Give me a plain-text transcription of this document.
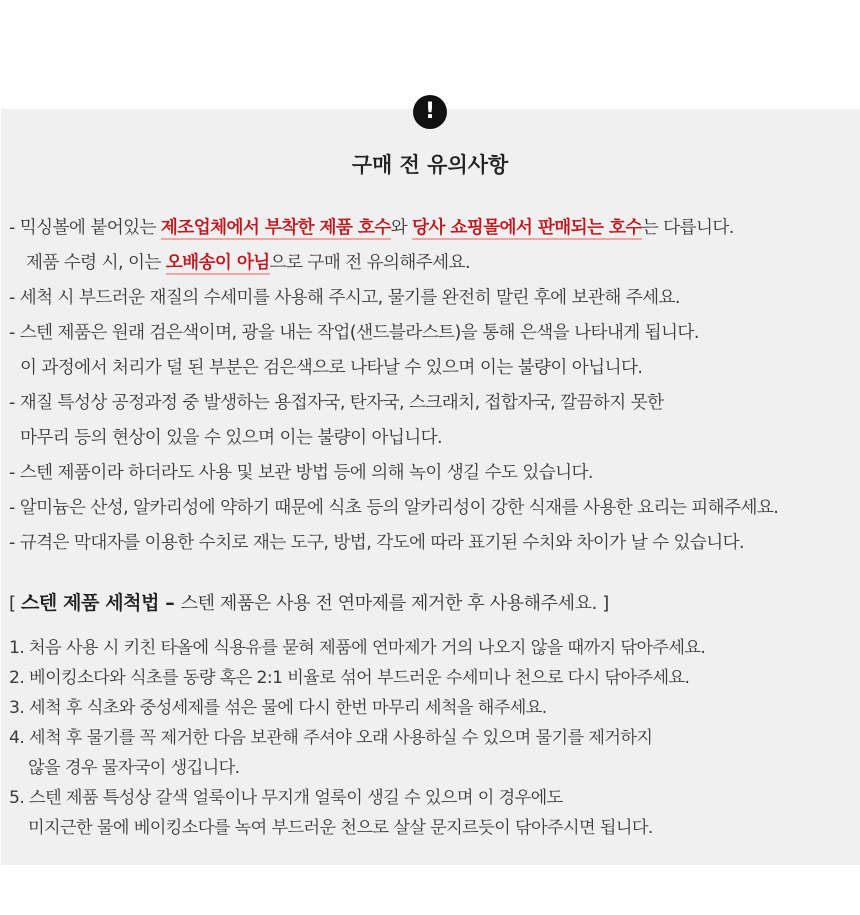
!
구매 전 유의사항
- 믹싱볼에 붙어있는 제조업체에서 부착한 제품 호수와 당사 쇼핑몰에서 판매되는 호수는 다릅니다.
제품 수령 시, 이는 오배송이 아님으로 구매 전 유의해주세요.
- 세척 시 부드러운 재질의 수세미를 사용해 주시고, 물기를 완전히 말린 후에 보관해 주세요.
- 스텐 제품은 원래 검은색이며, 광을 내는 작업(샌드블라스트)을 통해 은색을 나타내게 됩니다.
이 과정에서 처리가 덜 된 부분은 검은색으로 나타날 수 있으며 이는 불량이 아닙니다.
- 재질 특성상 공정과정 중 발생하는 용접자국, 탄자국, 스크래치, 접합자국, 깔끔하지 못한
마무리 등의 현상이 있을 수 있으며 이는 불량이 아닙니다.
- 스텐 제품이라 하더라도 사용 및 보관 방법 등에 의해 녹이 생길 수도 있습니다.
- 알미늄은 산성, 알카리성에 약하기 때문에 식초 등의 알카리성이 강한 식재를 사용한 요리는 피해주세요.
- 규격은 막대자를 이용한 수치로 재는 도구, 방법, 각도에 따라 표기된 수치와 차이가 날 수 있습니다.
[ 스텐 제품 세척법 – 스텐 제품은 사용 전 연마제를 제거한 후 사용해주세요. ]
1. 처음 사용 시 키친 타올에 식용유를 묻혀 제품에 연마제가 거의 나오지 않을 때까지 닦아주세요.
2. 베이킹소다와 식초를 동량 혹은 2:1 비율로 섞어 부드러운 수세미나 천으로 다시 닦아주세요.
3. 세척 후 식초와 중성세제를 섞은 물에 다시 한번 마무리 세척을 해주세요.
4. 세척 후 물기를 꼭 제거한 다음 보관해 주셔야 오래 사용하실 수 있으며 물기를 제거하지
않을 경우 물자국이 생깁니다.
5. 스텐 제품 특성상 갈색 얼룩이나 무지개 얼룩이 생길 수 있으며 이 경우에도
미지근한 물에 베이킹소다를 녹여 부드러운 천으로 살살 문지르듯이 닦아주시면 됩니다.
